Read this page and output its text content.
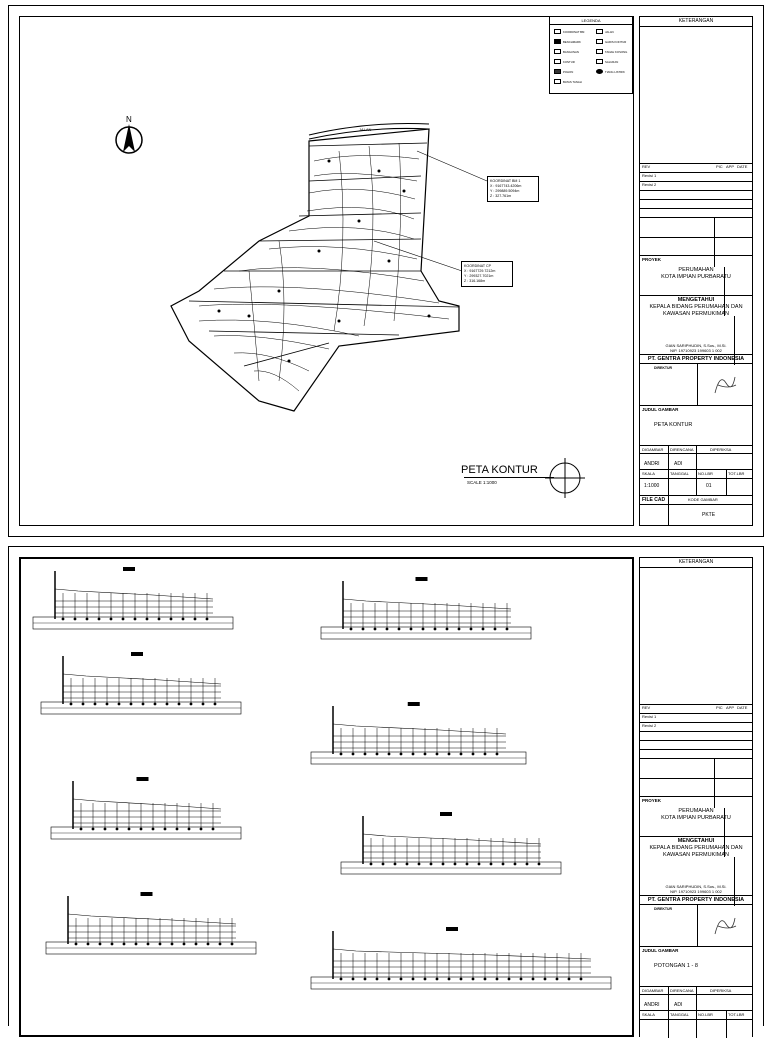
LEGENDA
KOORDINAT BM
BENCHMARK
BANGUNAN
KONTUR
POHON
BATAS TANAH
JALAN
GARIS KONTUR
TANAH KOSONG
SALURAN
TIANG LISTRIK
N
JALAN
KOORDINAT BM 1
X : 9167743.4206m
Y : 299889.5094m
Z : 327.761m
KOORDINAT CP
X : 9167729.7212m
Y : 299327.7021m
Z : 316.168m
PETA KONTUR
SCALE 1:1000
KETERANGAN
REV	PIC APP DATE
Revisi 1
Revisi 2
PROYEK
PERUMAHAN
KOTA IMPIAN PURBARATU
MENGETAHUI
KEPALA BIDANG PERUMAHAN DAN
KAWASAN PERMUKIMAN
GIAN SARIPHUDIN, S.Sos., M.Si.
NIP. 19710923 199603 1 002
PT. GENTRA PROPERTY INDONESIA
DIREKTUR
JUDUL GAMBAR
PETA KONTUR
DIGAMBAR DIRENCANA	DIPERIKSA
ANDRI	ADI
SKALA	TANGGAL NO.LBR	TOT.LBR
1:1000	01
FILE CAD	KODE GAMBAR
PKTE
KETERANGAN
REV	PIC APP DATE
Revisi 1
Revisi 2
PROYEK
PERUMAHAN
KOTA IMPIAN PURBARATU
MENGETAHUI
KEPALA BIDANG PERUMAHAN DAN
KAWASAN PERMUKIMAN
GIAN SARIPHUDIN, S.Sos., M.Si.
NIP. 19710923 199603 1 002
PT. GENTRA PROPERTY INDONESIA
DIREKTUR
JUDUL GAMBAR
POTONGAN 1 - 8
DIGAMBAR DIRENCANA	DIPERIKSA
ANDRI	ADI
SKALA	TANGGAL NO.LBR	TOT.LBR
